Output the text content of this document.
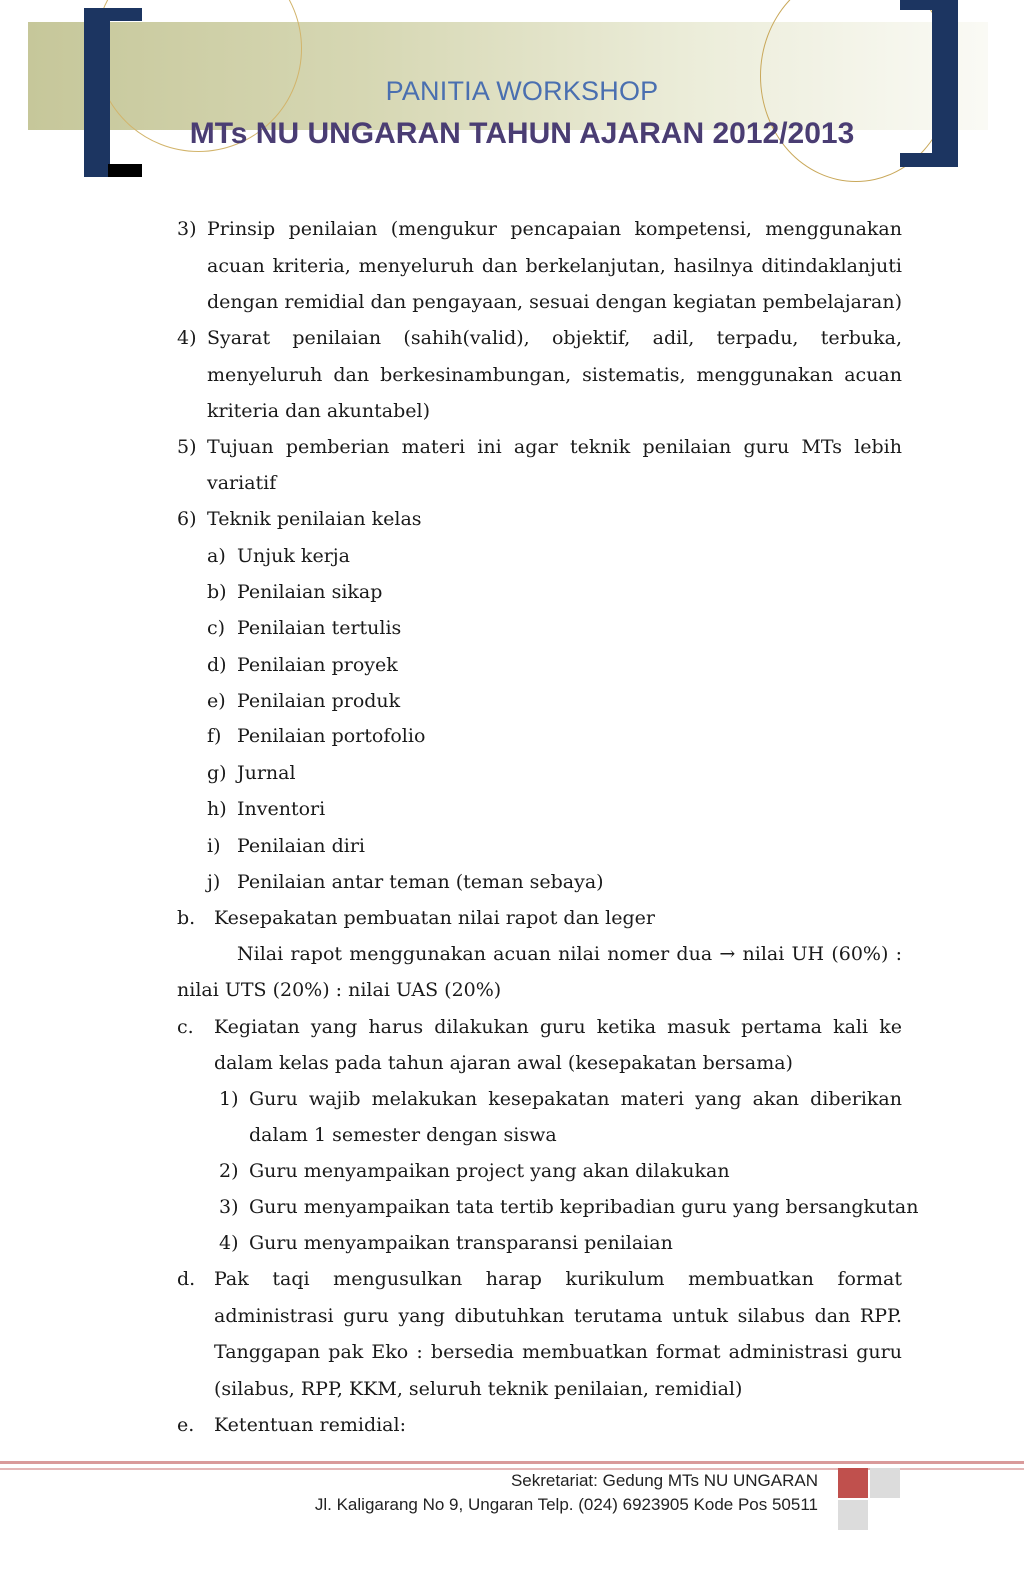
PANITIA WORKSHOP
MTs NU UNGARAN TAHUN AJARAN 2012/2013
3) Prinsip penilaian (mengukur pencapaian kompetensi, menggunakan
acuan kriteria, menyeluruh dan berkelanjutan, hasilnya ditindaklanjuti
dengan remidial dan pengayaan, sesuai dengan kegiatan pembelajaran)
4) Syarat penilaian (sahih(valid), objektif, adil, terpadu, terbuka,
menyeluruh dan berkesinambungan, sistematis, menggunakan acuan
kriteria dan akuntabel)
5) Tujuan pemberian materi ini agar teknik penilaian guru MTs lebih
variatif
6) Teknik penilaian kelas
a) Unjuk kerja
b) Penilaian sikap
c) Penilaian tertulis
d) Penilaian proyek
e) Penilaian produk
f) Penilaian portofolio
g) Jurnal
h) Inventori
i) Penilaian diri
j) Penilaian antar teman (teman sebaya)
b. Kesepakatan pembuatan nilai rapot dan leger
Nilai rapot menggunakan acuan nilai nomer dua → nilai UH (60%) :
nilai UTS (20%) : nilai UAS (20%)
c. Kegiatan yang harus dilakukan guru ketika masuk pertama kali ke
dalam kelas pada tahun ajaran awal (kesepakatan bersama)
1) Guru wajib melakukan kesepakatan materi yang akan diberikan
dalam 1 semester dengan siswa
2) Guru menyampaikan project yang akan dilakukan
3) Guru menyampaikan tata tertib kepribadian guru yang bersangkutan
4) Guru menyampaikan transparansi penilaian
d. Pak taqi mengusulkan harap kurikulum membuatkan format
administrasi guru yang dibutuhkan terutama untuk silabus dan RPP.
Tanggapan pak Eko : bersedia membuatkan format administrasi guru
(silabus, RPP, KKM, seluruh teknik penilaian, remidial)
e. Ketentuan remidial:
Sekretariat: Gedung MTs NU UNGARAN
Jl. Kaligarang No 9, Ungaran Telp. (024) 6923905 Kode Pos 50511
